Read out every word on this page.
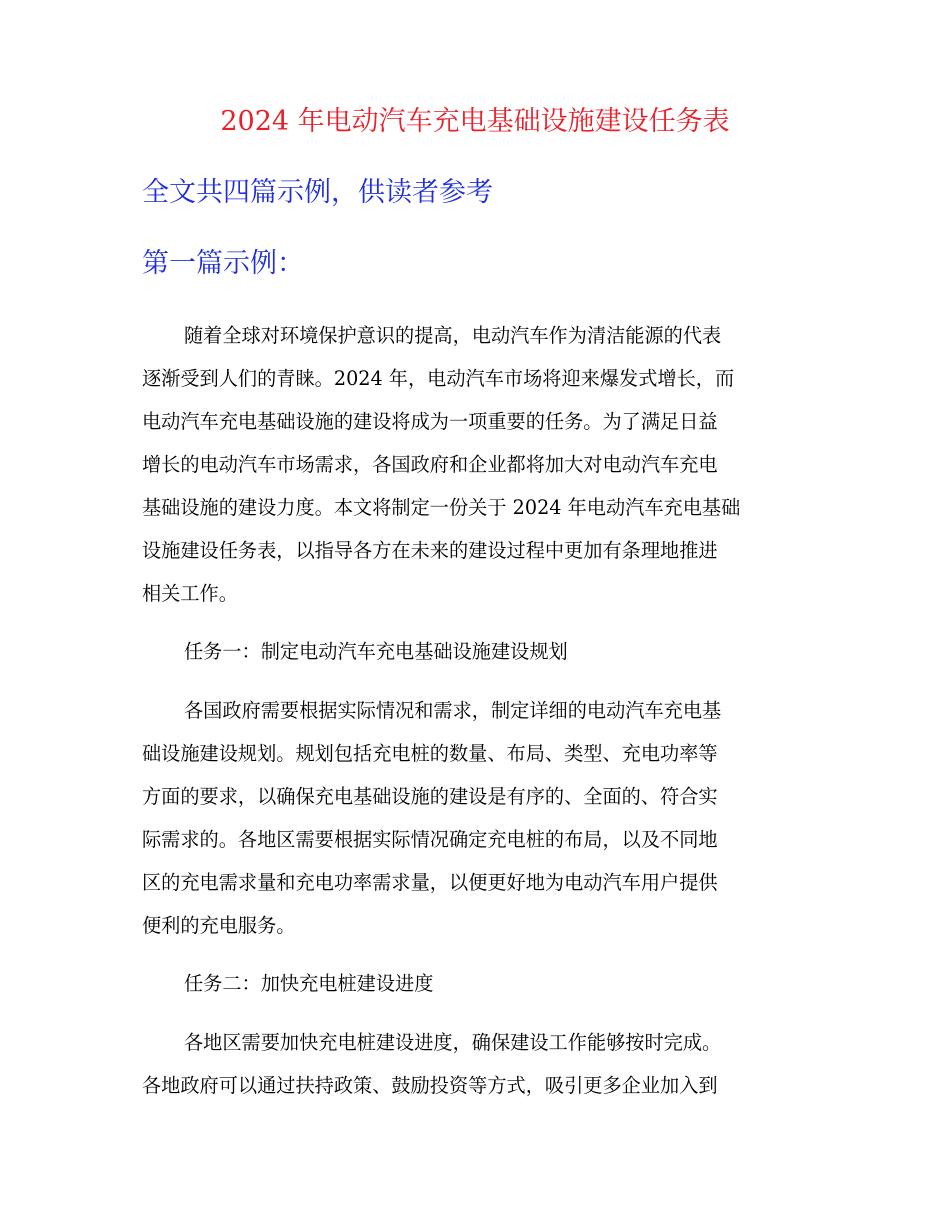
2024 年电动汽车充电基础设施建设任务表
全文共四篇示例，供读者参考
第一篇示例：

随着全球对环境保护意识的提高，电动汽车作为清洁能源的代表
逐渐受到人们的青睐。2024 年，电动汽车市场将迎来爆发式增长，而
电动汽车充电基础设施的建设将成为一项重要的任务。为了满足日益
增长的电动汽车市场需求，各国政府和企业都将加大对电动汽车充电
基础设施的建设力度。本文将制定一份关于 2024 年电动汽车充电基础
设施建设任务表，以指导各方在未来的建设过程中更加有条理地推进
相关工作。

任务一：制定电动汽车充电基础设施建设规划

各国政府需要根据实际情况和需求，制定详细的电动汽车充电基
础设施建设规划。规划包括充电桩的数量、布局、类型、充电功率等
方面的要求，以确保充电基础设施的建设是有序的、全面的、符合实
际需求的。各地区需要根据实际情况确定充电桩的布局，以及不同地
区的充电需求量和充电功率需求量，以便更好地为电动汽车用户提供
便利的充电服务。

任务二：加快充电桩建设进度

各地区需要加快充电桩建设进度，确保建设工作能够按时完成。
各地政府可以通过扶持政策、鼓励投资等方式，吸引更多企业加入到
